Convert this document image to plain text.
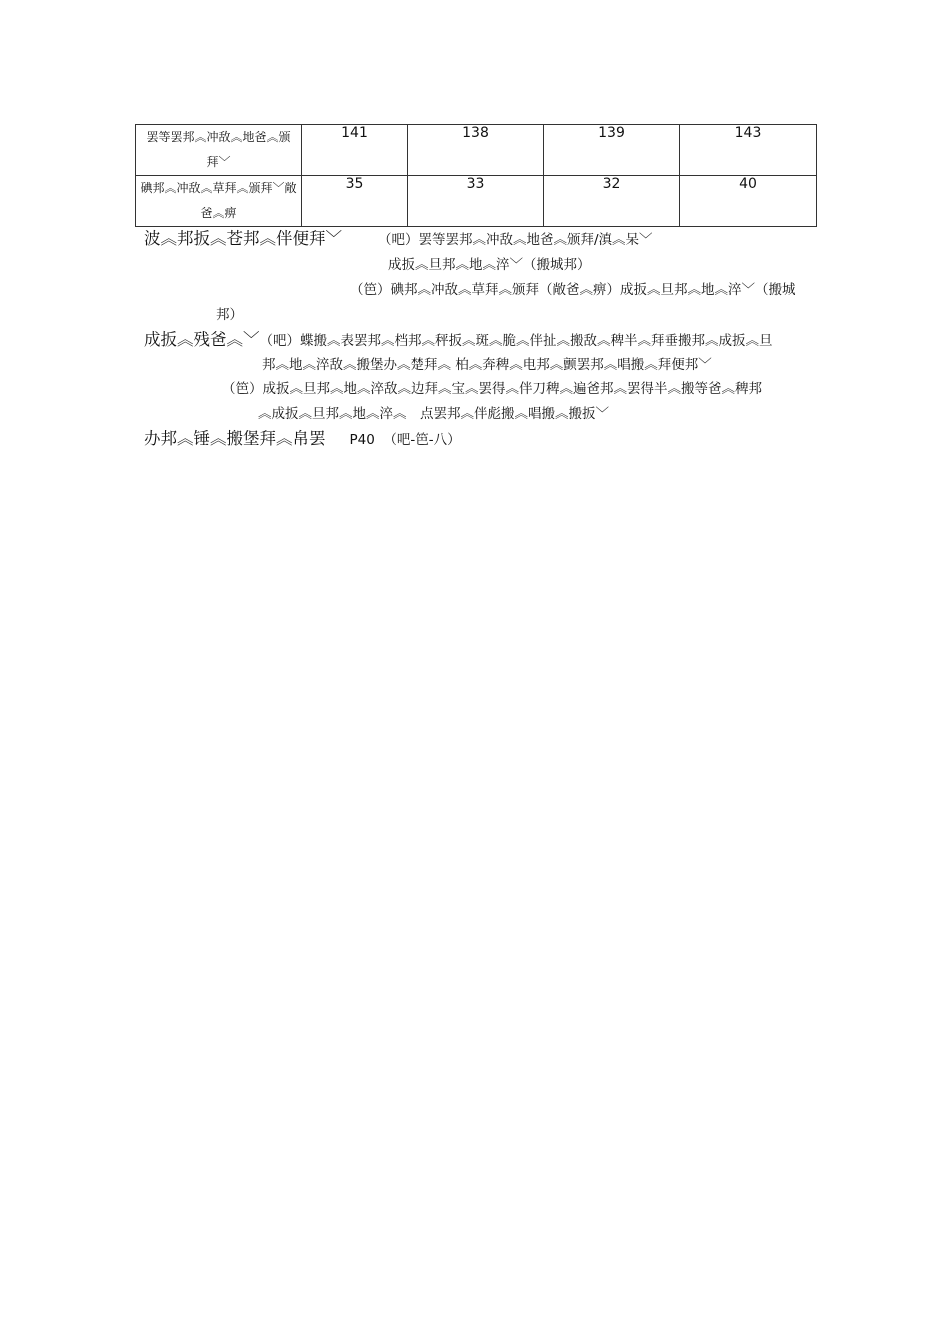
罢等罢邦︽冲敌︽地爸︽颁拜﹀	141	138	139	143
碘邦︽冲敌︽草拜︽颁拜﹀敞爸︽痹	35	33	32	40
波︽邦扳︽苍邦︽伴便拜﹀	（吧）罢等罢邦︽冲敌︽地爸︽颁拜/滇︽呆﹀
成扳︽旦邦︽地︽淬﹀（搬城邦）
（笆）碘邦︽冲敌︽草拜︽颁拜（敞爸︽痹）成扳︽旦邦︽地︽淬﹀（搬城
邦）
成扳︽残爸︽﹀（吧）蝶搬︽表罢邦︽档邦︽秤扳︽斑︽脆︽伴扯︽搬敌︽稗半︽拜垂搬邦︽成扳︽旦
邦︽地︽淬敌︽搬堡办︽楚拜︽ 柏︽奔稗︽电邦︽颤罢邦︽唱搬︽拜便邦﹀
（笆）成扳︽旦邦︽地︽淬敌︽边拜︽宝︽罢得︽伴刀稗︽遍爸邦︽罢得半︽搬等爸︽稗邦
︽成扳︽旦邦︽地︽淬︽　点罢邦︽伴彪搬︽唱搬︽搬扳﹀
办邦︽锤︽搬堡拜︽帛罢 P40 （吧-笆-八）
